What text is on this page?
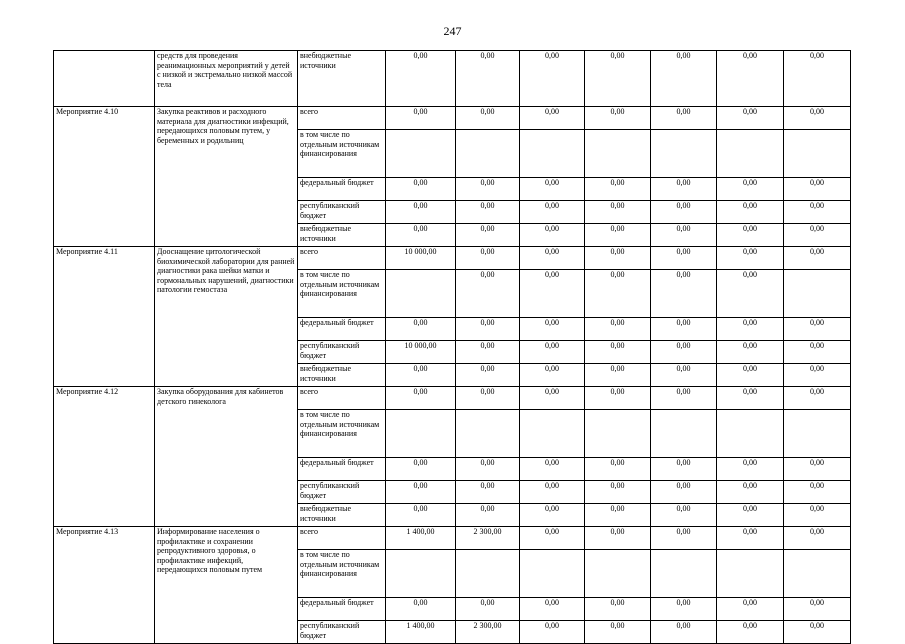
247
	средств для проведения реанимационных мероприятий у детей с низкой и экстремально низкой массой тела	внебюджетные источники	0,00	0,00	0,00	0,00	0,00	0,00	0,00
Мероприятие 4.10	Закупка реактивов и расходного материала для диагностики инфекций, передающихся половым путем, у беременных и родильниц	всего	0,00	0,00	0,00	0,00	0,00	0,00	0,00
		в том числе по отдельным источникам финансирования							
		федеральный бюджет	0,00	0,00	0,00	0,00	0,00	0,00	0,00
		республиканский бюджет	0,00	0,00	0,00	0,00	0,00	0,00	0,00
		внебюджетные источники	0,00	0,00	0,00	0,00	0,00	0,00	0,00
Мероприятие 4.11	Дооснащение цитологической биохимической лаборатории для ранней диагностики рака шейки матки и гормональных нарушений, диагностики патологии гемостаза	всего	10 000,00	0,00	0,00	0,00	0,00	0,00	0,00
		в том числе по отдельным источникам финансирования		0,00	0,00	0,00	0,00	0,00	
		федеральный бюджет	0,00	0,00	0,00	0,00	0,00	0,00	0,00
		республиканский бюджет	10 000,00	0,00	0,00	0,00	0,00	0,00	0,00
		внебюджетные источники	0,00	0,00	0,00	0,00	0,00	0,00	0,00
Мероприятие 4.12	Закупка оборудования для кабинетов детского гинеколога	всего	0,00	0,00	0,00	0,00	0,00	0,00	0,00
		в том числе по отдельным источникам финансирования							
		федеральный бюджет	0,00	0,00	0,00	0,00	0,00	0,00	0,00
		республиканский бюджет	0,00	0,00	0,00	0,00	0,00	0,00	0,00
		внебюджетные источники	0,00	0,00	0,00	0,00	0,00	0,00	0,00
Мероприятие 4.13	Информирование населения о профилактике и сохранении репродуктивного здоровья, о профилактике инфекций, передающихся половым путем	всего	1 400,00	2 300,00	0,00	0,00	0,00	0,00	0,00
		в том числе по отдельным источникам финансирования							
		федеральный бюджет	0,00	0,00	0,00	0,00	0,00	0,00	0,00
		республиканский бюджет	1 400,00	2 300,00	0,00	0,00	0,00	0,00	0,00
